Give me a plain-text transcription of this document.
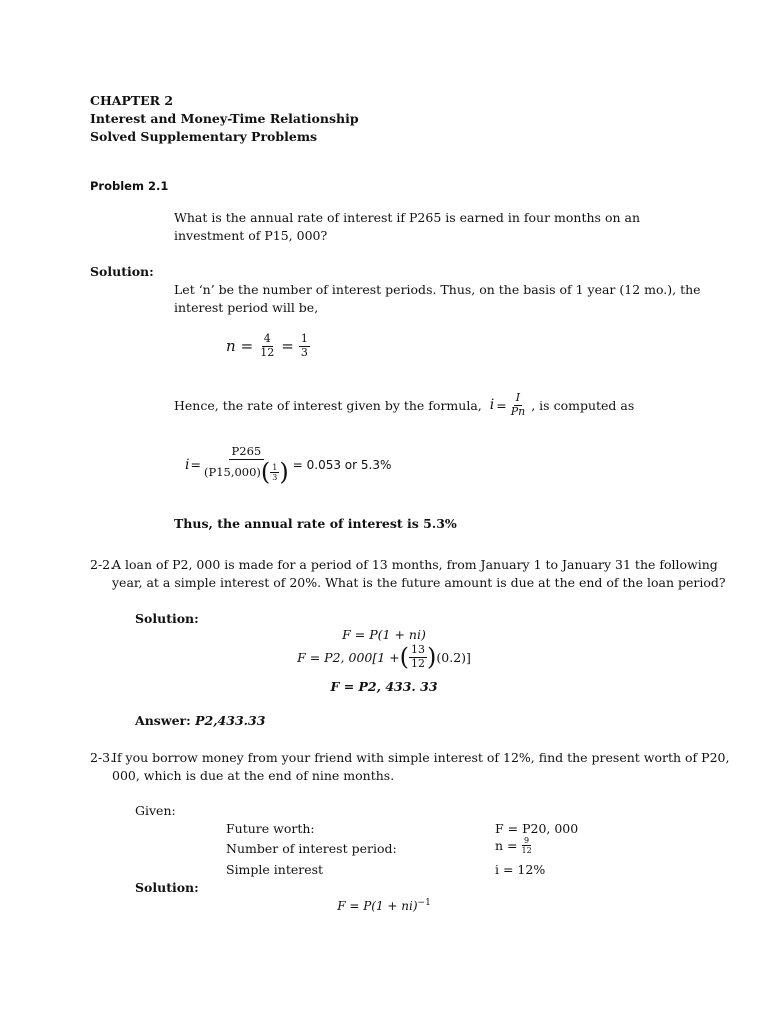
CHAPTER 2
Interest and Money-Time Relationship
Solved Supplementary Problems
Problem 2.1
What is the annual rate of interest if P265 is earned in four months on an
investment of P15, 000?
Solution:
Let ‘n’ be the number of interest periods. Thus, on the basis of 1 year (12 mo.), the
interest period will be,
$n = \frac{4}{12} = \frac{1}{3}$
Hence, the rate of interest given by the formula, $i = \frac{I}{Pn}$ , is computed as
$i = \frac{P265}{(P15,000) ( \frac{1}{3} )} = 0.053$ or 5.3%
Thus, the annual rate of interest is 5.3%
2-2.
A loan of P2, 000 is made for a period of 13 months, from January 1 to January 31 the following
year, at a simple interest of 20%. What is the future amount is due at the end of the loan period?
Solution:
F = P(1 + ni)
F = P2, 000[1 + ( $\frac{13}{12}$ ) (0.2)]
F = P2, 433. 33
Answer: P2,433.33
2-3.
If you borrow money from your friend with simple interest of 12%, find the present worth of P20,
000, which is due at the end of nine months.
Given:
Future worth:	F = P20, 000
Number of interest period:	$n = \frac{9}{12}$
Simple interest	i = 12%
Solution:
F = P(1 + ni)$^{-1}$
